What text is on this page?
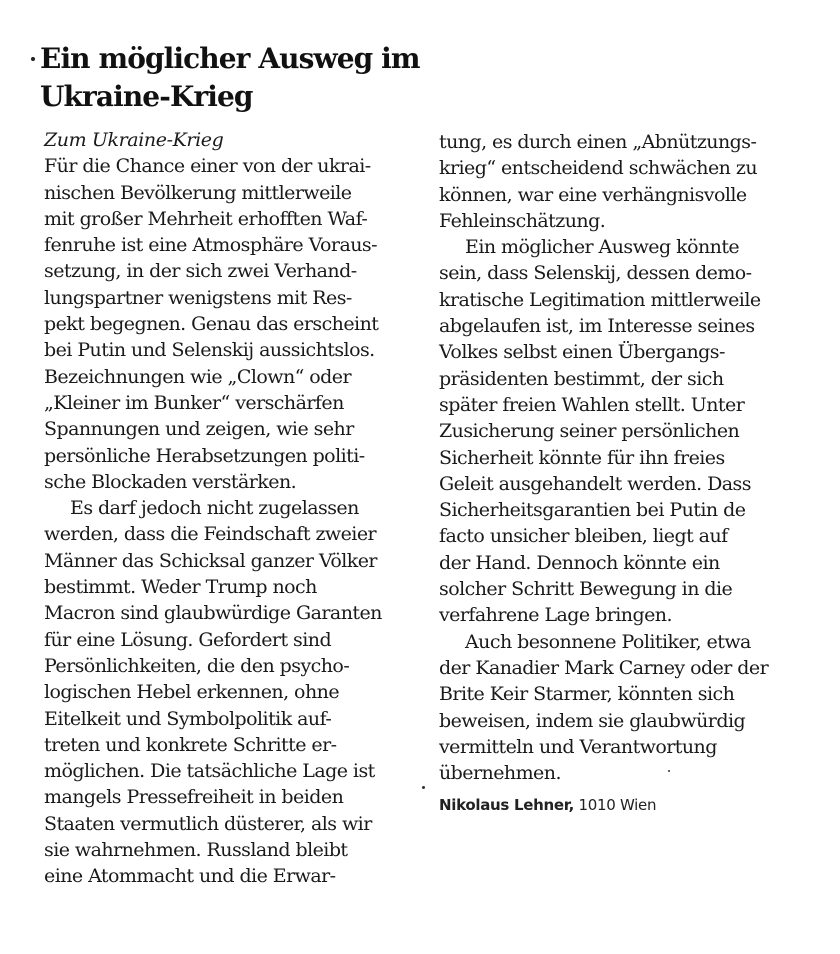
Ein möglicher Ausweg im
Ukraine-Krieg
Zum Ukraine-Krieg
Für die Chance einer von der ukrai-
nischen Bevölkerung mittlerweile
mit großer Mehrheit erhofften Waf-
fenruhe ist eine Atmosphäre Voraus-
setzung, in der sich zwei Verhand-
lungspartner wenigstens mit Res-
pekt begegnen. Genau das erscheint
bei Putin und Selenskij aussichtslos.
Bezeichnungen wie „Clown“ oder
„Kleiner im Bunker“ verschärfen
Spannungen und zeigen, wie sehr
persönliche Herabsetzungen politi-
sche Blockaden verstärken.
Es darf jedoch nicht zugelassen
werden, dass die Feindschaft zweier
Männer das Schicksal ganzer Völker
bestimmt. Weder Trump noch
Macron sind glaubwürdige Garanten
für eine Lösung. Gefordert sind
Persönlichkeiten, die den psycho-
logischen Hebel erkennen, ohne
Eitelkeit und Symbolpolitik auf-
treten und konkrete Schritte er-
möglichen. Die tatsächliche Lage ist
mangels Pressefreiheit in beiden
Staaten vermutlich düsterer, als wir
sie wahrnehmen. Russland bleibt
eine Atommacht und die Erwar-
tung, es durch einen „Abnützungs-
krieg“ entscheidend schwächen zu
können, war eine verhängnisvolle
Fehleinschätzung.
Ein möglicher Ausweg könnte
sein, dass Selenskij, dessen demo-
kratische Legitimation mittlerweile
abgelaufen ist, im Interesse seines
Volkes selbst einen Übergangs-
präsidenten bestimmt, der sich
später freien Wahlen stellt. Unter
Zusicherung seiner persönlichen
Sicherheit könnte für ihn freies
Geleit ausgehandelt werden. Dass
Sicherheitsgarantien bei Putin de
facto unsicher bleiben, liegt auf
der Hand. Dennoch könnte ein
solcher Schritt Bewegung in die
verfahrene Lage bringen.
Auch besonnene Politiker, etwa
der Kanadier Mark Carney oder der
Brite Keir Starmer, könnten sich
beweisen, indem sie glaubwürdig
vermitteln und Verantwortung
übernehmen.
Nikolaus Lehner, 1010 Wien
